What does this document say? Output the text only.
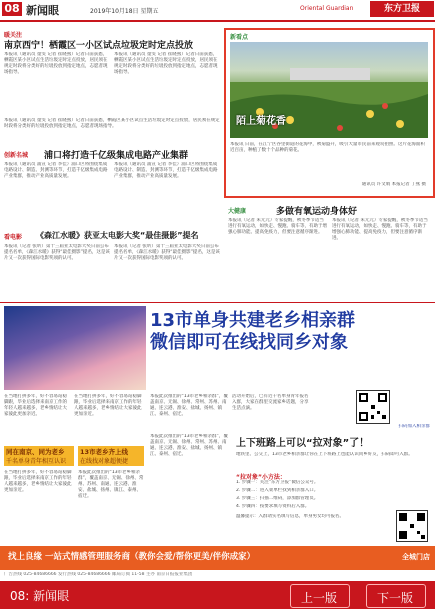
08 新闻眼	2019年10月18日 星期五	Oriental Guardian	东方卫报
暖关注
南京西宁！栖霞区一小区试点垃圾定时定点投放
本报讯（通讯员 童雯 记者 崔晓燕）记者日前获悉，栖霞区某小区试点生活垃圾定时定点投放，居民须在规定时段将分类好的垃圾投放到指定地点，志愿者现场指导。
本报讯（通讯员 童雯 记者 崔晓燕）记者日前获悉，栖霞区某小区试点生活垃圾定时定点投放，居民须在规定时段将分类好的垃圾投放到指定地点，志愿者现场指导。
本报讯（通讯员 童雯 记者 崔晓燕）记者日前获悉，栖霞区某小区试点生活垃圾定时定点投放，居民须在规定时段将分类好的垃圾投放到指定地点，志愿者现场指导。
创新名城 浦口将打造千亿级集成电路产业集群
本报讯（通讯员 浦宣 记者 李佳）浦口区将围绕集成电路设计、制造、封测等环节，打造千亿级集成电路产业集群，推动产业高质量发展。
本报讯（通讯员 浦宣 记者 李佳）浦口区将围绕集成电路设计、制造、封测等环节，打造千亿级集成电路产业集群，推动产业高质量发展。
看电影 《森江水暖》获亚太电影大奖“最佳摄影”提名
本报讯（记者 张昕）第十三届亚太电影大奖日前公布提名名单，《森江水暖》获得“最佳摄影”提名，这是该片又一次获得国际电影奖项的认可。
本报讯（记者 张昕）第十三届亚太电影大奖日前公布提名名单，《森江水暖》获得“最佳摄影”提名，这是该片又一次获得国际电影奖项的认可。
新看点
陌上菊花香
本报讯 日前，在江宁区谷里街道的花海中，秋菊盛开，吸引大量市民前来观赏拍照。这片花海面积近百亩，种植了数十个品种的菊花。
通讯员 许文娟 本报记者 丁燕 摄
大健康	多做有氧运动身体好
本报讯（记者 朱元元）专家提醒，秋冬季节适当进行有氧运动，如快走、慢跑、骑车等，有助于增强心肺功能、提高免疫力，但要注意循序渐进。
本报讯（记者 朱元元）专家提醒，秋冬季节适当进行有氧运动，如快走、慢跑、骑车等，有助于增强心肺功能、提高免疫力，但要注意循序渐进。
13市单身共建老乡相亲群
微信即可在线找同乡对象
为了让“单身青年”更好地找到另一半，本报近日组建13市老乡相亲群，单身青年只需通过微信即可入群，在线寻找心仪的同乡对象。
在当地打拼多年，好不容易站稳脚跟，毕业后选择来南京工作的年轻人越来越多，老乡情结让大家彼此更加亲近。
在当地打拼多年，好不容易站稳脚跟，毕业后选择来南京工作的年轻人越来越多，老乡情结让大家彼此更加亲近。
本报此次推出的“13市老乡相亲群”，覆盖南京、无锡、徐州、常州、苏州、南通、连云港、淮安、盐城、扬州、镇江、泰州、宿迁。
活动开始后，已有近千名单身青年报名入群，大家在群里交流家乡话题，分享生活点滴。
扫码加入相亲群
同在南京、同为老乡
千名单身青年相互认识
13市老乡齐上线
在线找对象超便捷
在当地打拼多年，好不容易站稳脚跟，毕业后选择来南京工作的年轻人越来越多，老乡情结让大家彼此更加亲近。
本报此次推出的“13市老乡相亲群”，覆盖南京、无锡、徐州、常州、苏州、南通、连云港、淮安、盐城、扬州、镇江、泰州、宿迁。
本报此次推出的“13市老乡相亲群”，覆盖南京、无锡、徐州、常州、苏州、南通、连云港、淮安、盐城、扬州、镇江、泰州、宿迁。
上下班路上可以“拉对象”了！
地铁里、公交上，13市老乡相亲群让你在上下班路上也能认识同乡好友，扫码即可入群。
“拉对象”小方法：
1. 步骤一：关注“东方卫报”微信公众号。
2. 步骤二：进入菜单栏找到相亲群入口。
3. 步骤三：扫描二维码，添加群管理员。
4. 步骤四：按要求填写资料后入群。
温馨提示：入群请实名填写信息，单身男女均可报名。
找上良缘 一站式情感管理服务商（教你会爱/帮你更美/伴你成家）	全城门店
广告热线 025-84686666 发行热线 025-84686666 邮局订阅 11-58 主办 南京日报报业集团
08: 新闻眼	上一版	下一版
